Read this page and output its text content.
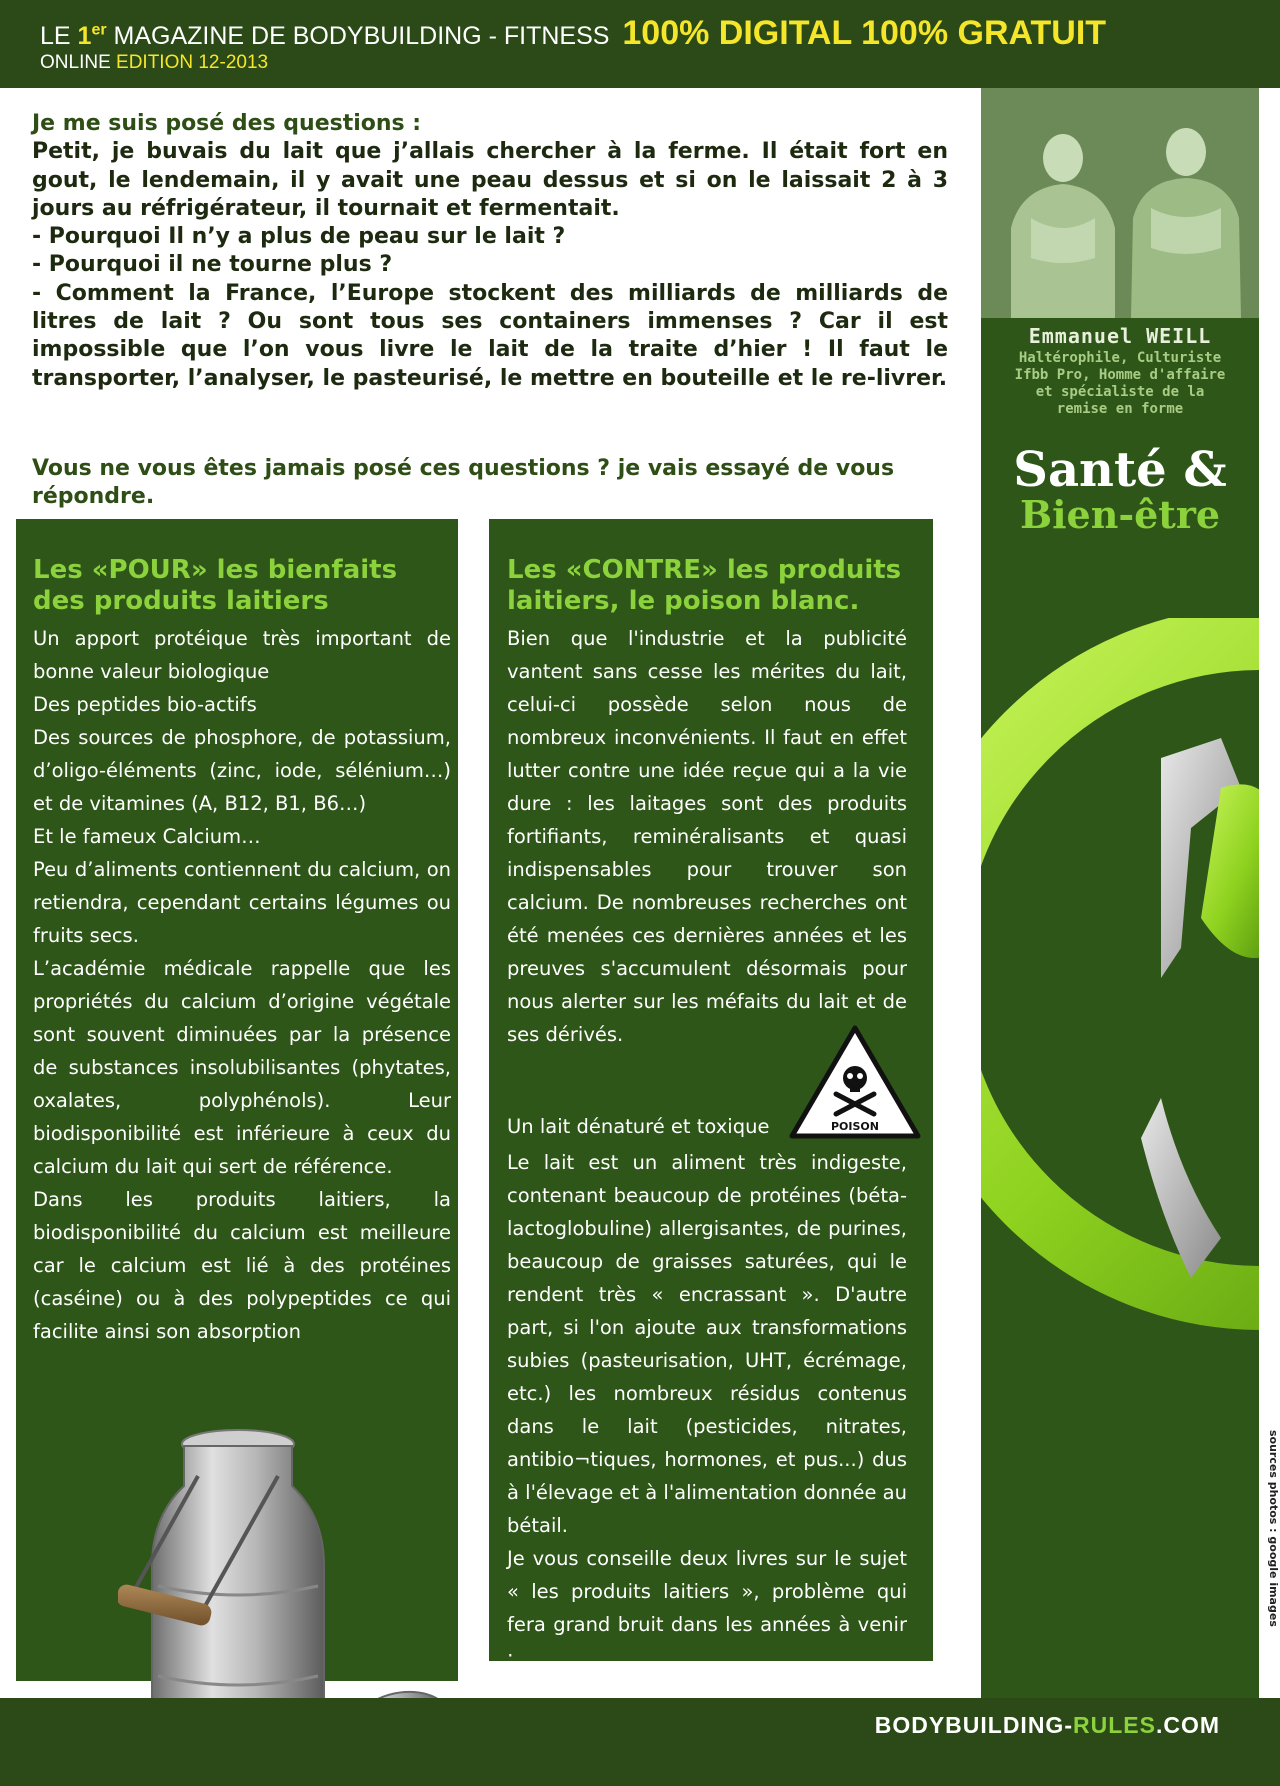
LE 1er MAGAZINE DE BODYBUILDING - FITNESS 100% DIGITAL 100% GRATUIT
ONLINE EDITION 12-2013
Emmanuel WEILL
Haltérophile, Culturiste
Ifbb Pro, Homme d'affaire
et spécialiste de la
remise en forme
Santé &
Bien-être
sources photos : google images

Je me suis posé des questions :

Petit, je buvais du lait que j’allais chercher à la ferme. Il était fort en gout, le lendemain, il y avait une peau dessus et si on le laissait 2 à 3 jours au réfrigérateur, il tournait et fermentait.

- Pourquoi Il n’y a plus de peau sur le lait ?

- Pourquoi il ne tourne plus ?

- Comment la France, l’Europe stockent des milliards de milliards de litres de lait ? Ou sont tous ses containers immenses ? Car il est impossible que l’on vous livre le lait de la traite d’hier ! Il faut le transporter, l’analyser, le pasteurisé, le mettre en bouteille et le re-livrer.

Vous ne vous êtes jamais posé ces questions ? je vais essayé de vous répondre.
Les «POUR» les bienfaits des produits laitiers

Un apport protéique très important de bonne valeur biologique

Des peptides bio-actifs

Des sources de phosphore, de potassium, d’oligo-éléments (zinc, iode, sélénium…) et de vitamines (A, B12, B1, B6…)

Et le fameux Calcium…

Peu d’aliments contiennent du calcium, on retiendra, cependant certains légumes ou fruits secs.

L’académie médicale rappelle que les propriétés du calcium d’origine végétale sont souvent diminuées par la présence de substances insolubilisantes (phytates, oxalates, polyphénols). Leur biodisponibilité est inférieure à ceux du calcium du lait qui sert de référence.

Dans les produits laitiers, la biodisponibilité du calcium est meilleure car le calcium est lié à des protéines (caséine) ou à des polypeptides ce qui facilite ainsi son absorption

Les «CONTRE» les produits laitiers, le poison blanc.
Bien que l'industrie et la publicité vantent sans cesse les mérites du lait, celui-ci possède selon nous de nombreux inconvénients. Il faut en effet lutter contre une idée reçue qui a la vie dure : les laitages sont des produits fortifiants, reminéralisants et quasi indispensables pour trouver son calcium. De nombreuses recherches ont été menées ces dernières années et les preuves s'accumulent désormais pour nous alerter sur les méfaits du lait et de ses dérivés.
Un lait dénaturé et toxique

Le lait est un aliment très indigeste, contenant beaucoup de protéines (béta-lactoglobuline) allergisantes, de purines, beaucoup de graisses saturées, qui le rendent très « encrassant ». D'autre part, si l'on ajoute aux transformations subies (pasteurisation, UHT, écrémage, etc.) les nombreux résidus contenus dans le lait (pesticides, nitrates, antibio¬tiques, hormones, et pus...) dus à l'élevage et à l'alimentation donnée au bétail.

Je vous conseille deux livres sur le sujet « les produits laitiers », problème qui fera grand bruit dans les années à venir :

POISON
BODYBUILDING-RULES.COM
